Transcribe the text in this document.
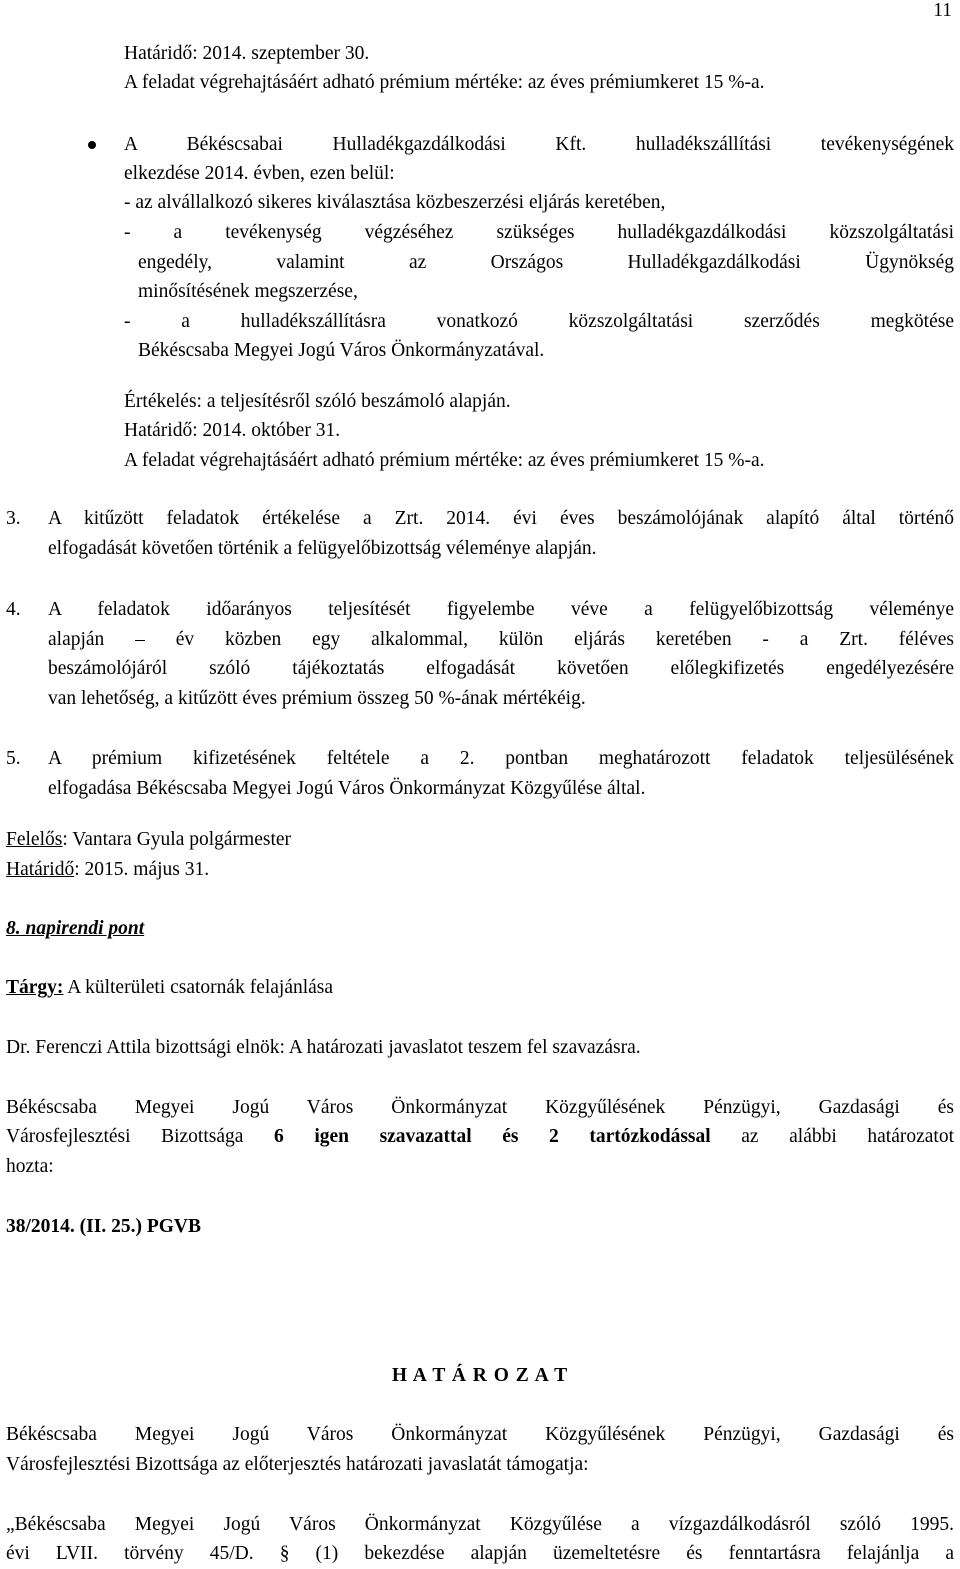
11
Határidő: 2014. szeptember 30.
A feladat végrehajtásáért adható prémium mértéke: az éves prémiumkeret 15 %-a.
A Békéscsabai Hulladékgazdálkodási Kft. hulladékszállítási tevékenységének
elkezdése 2014. évben, ezen belül:
- az alvállalkozó sikeres kiválasztása közbeszerzési eljárás keretében,
- a tevékenység végzéséhez szükséges hulladékgazdálkodási közszolgáltatási
engedély, valamint az Országos Hulladékgazdálkodási Ügynökség
minősítésének megszerzése,
- a hulladékszállításra vonatkozó közszolgáltatási szerződés megkötése
Békéscsaba Megyei Jogú Város Önkormányzatával.
Értékelés: a teljesítésről szóló beszámoló alapján.
Határidő: 2014. október 31.
A feladat végrehajtásáért adható prémium mértéke: az éves prémiumkeret 15 %-a.
3. A kitűzött feladatok értékelése a Zrt. 2014. évi éves beszámolójának alapító által történő
elfogadását követően történik a felügyelőbizottság véleménye alapján.
4. A feladatok időarányos teljesítését figyelembe véve a felügyelőbizottság véleménye
alapján – év közben egy alkalommal, külön eljárás keretében - a Zrt. féléves
beszámolójáról szóló tájékoztatás elfogadását követően előlegkifizetés engedélyezésére
van lehetőség, a kitűzött éves prémium összeg 50 %-ának mértékéig.
5. A prémium kifizetésének feltétele a 2. pontban meghatározott feladatok teljesülésének
elfogadása Békéscsaba Megyei Jogú Város Önkormányzat Közgyűlése által.
Felelős: Vantara Gyula polgármester
Határidő: 2015. május 31.
8. napirendi pont
Tárgy: A külterületi csatornák felajánlása
Dr. Ferenczi Attila bizottsági elnök: A határozati javaslatot teszem fel szavazásra.
Békéscsaba Megyei Jogú Város Önkormányzat Közgyűlésének Pénzügyi, Gazdasági és
Városfejlesztési Bizottsága 6 igen szavazattal és 2 tartózkodással az alábbi határozatot
hozta:
38/2014. (II. 25.) PGVB
H A T Á R O Z A T
Békéscsaba Megyei Jogú Város Önkormányzat Közgyűlésének Pénzügyi, Gazdasági és
Városfejlesztési Bizottsága az előterjesztés határozati javaslatát támogatja:
„Békéscsaba Megyei Jogú Város Önkormányzat Közgyűlése a vízgazdálkodásról szóló 1995.
évi LVII. törvény 45/D. § (1) bekezdése alapján üzemeltetésre és fenntartásra felajánlja a
